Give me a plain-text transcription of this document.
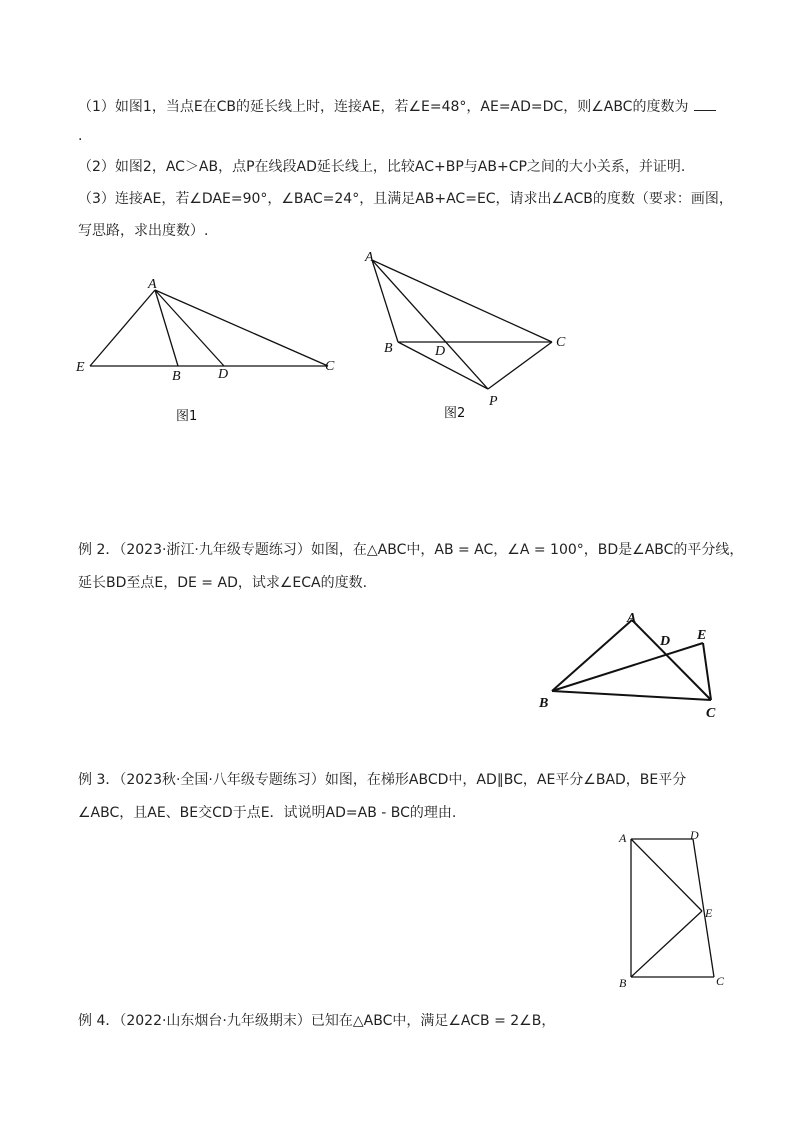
（1）如图1，当点E在CB的延长线上时，连接AE，若∠E=48°，AE=AD=DC，则∠ABC的度数为
.
（2）如图2，AC＞AB，点P在线段AD延长线上，比较AC+BP与AB+CP之间的大小关系，并证明.
（3）连接AE，若∠DAE=90°，∠BAC=24°，且满足AB+AC=EC，请求出∠ACB的度数（要求：画图，
写思路，求出度数）.
A
E
B	D
C
图1
A
B	D
C
P
图2
例 2．（2023·浙江·九年级专题练习）如图，在△ABC中，AB = AC，∠A = 100°，BD是∠ABC的平分线，
延长BD至点E，DE = AD，试求∠ECA的度数.
A
D E
B
C
例 3．（2023秋·全国·八年级专题练习）如图，在梯形ABCD中，AD∥BC，AE平分∠BAD，BE平分
∠ABC，且AE、BE交CD于点E．试说明AD=AB - BC的理由.
A	D
E
B	C
例 4．（2022·山东烟台·九年级期末）已知在△ABC中，满足∠ACB = 2∠B，
